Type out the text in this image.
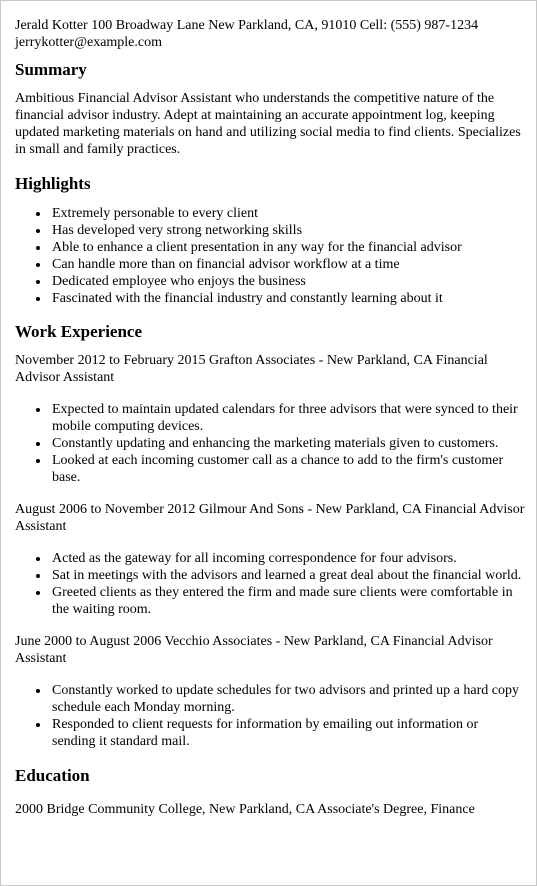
Jerald Kotter 100 Broadway Lane New Parkland, CA, 91010 Cell: (555) 987-1234

jerrykotter@example.com

Summary

Ambitious Financial Advisor Assistant who understands the competitive nature of the financial advisor industry. Adept at maintaining an accurate appointment log, keeping updated marketing materials on hand and utilizing social media to find clients. Specializes in small and family practices.

Highlights
Extremely personable to every client
Has developed very strong networking skills
Able to enhance a client presentation in any way for the financial advisor
Can handle more than on financial advisor workflow at a time
Dedicated employee who enjoys the business
Fascinated with the financial industry and constantly learning about it
Work Experience

November 2012 to February 2015 Grafton Associates - New Parkland, CA Financial Advisor Assistant

Expected to maintain updated calendars for three advisors that were synced to their mobile computing devices.
Constantly updating and enhancing the marketing materials given to customers.
Looked at each incoming customer call as a chance to add to the firm's customer base.

August 2006 to November 2012 Gilmour And Sons - New Parkland, CA Financial Advisor Assistant

Acted as the gateway for all incoming correspondence for four advisors.
Sat in meetings with the advisors and learned a great deal about the financial world.
Greeted clients as they entered the firm and made sure clients were comfortable in the waiting room.

June 2000 to August 2006 Vecchio Associates - New Parkland, CA Financial Advisor Assistant

Constantly worked to update schedules for two advisors and printed up a hard copy schedule each Monday morning.
Responded to client requests for information by emailing out information or sending it standard mail.
Education

2000 Bridge Community College, New Parkland, CA Associate's Degree, Finance
